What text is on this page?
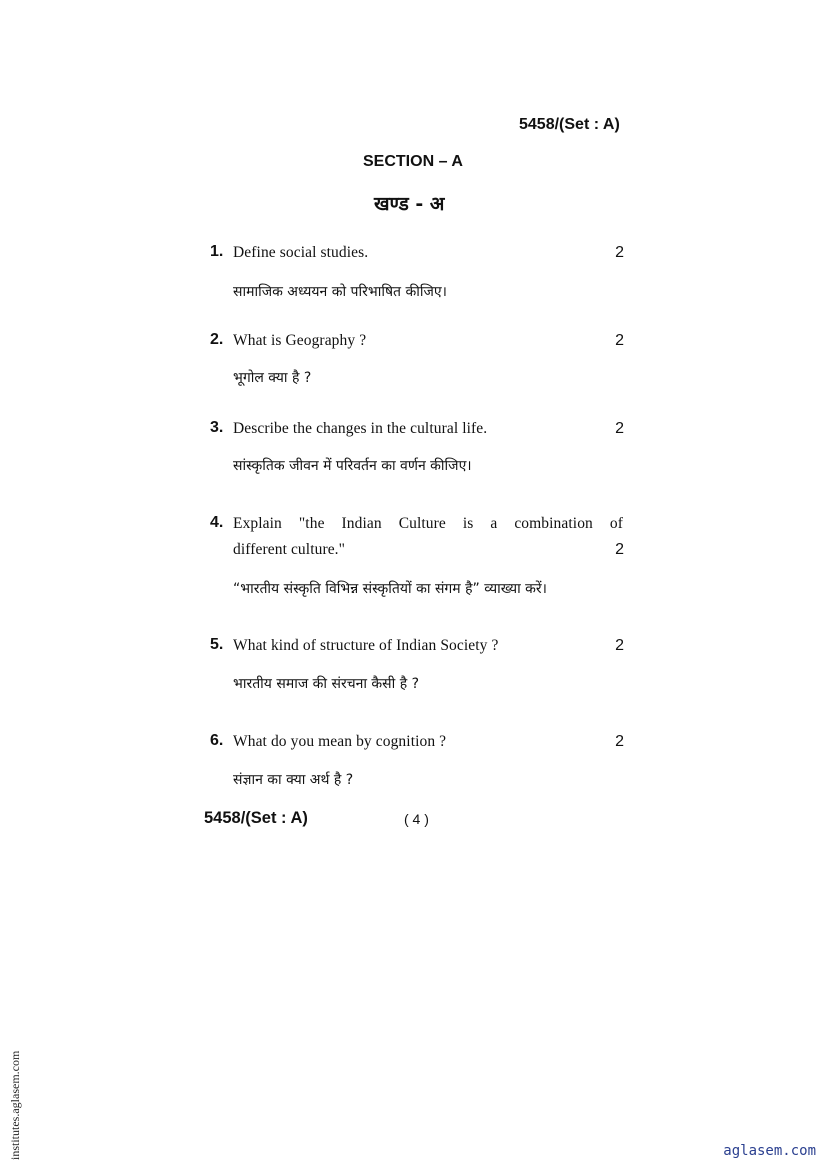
5458/(Set : A)
SECTION – A
खण्ड - अ
1. Define social studies.	2
सामाजिक अध्ययन को परिभाषित कीजिए।
2. What is Geography ?	2
भूगोल क्या है ?
3. Describe the changes in the cultural life.	2
सांस्कृतिक जीवन में परिवर्तन का वर्णन कीजिए।
4. Explain "the Indian Culture is a combination of
different culture."	2
“भारतीय संस्कृति विभिन्न संस्कृतियों का संगम है” व्याख्या करें।
5. What kind of structure of Indian Society ?	2
भारतीय समाज की संरचना कैसी है ?
6. What do you mean by cognition ?	2
संज्ञान का क्या अर्थ है ?
5458/(Set : A)	( 4 )
institutes.aglasem.com	aglasem.com
